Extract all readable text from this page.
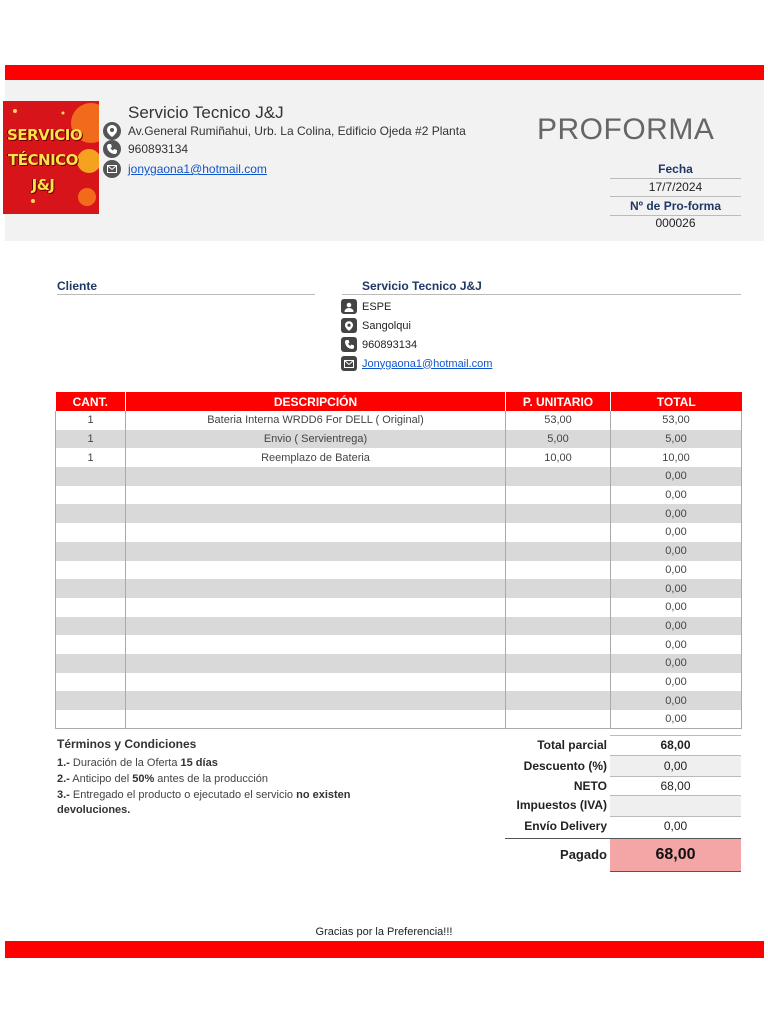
SERVICIO
TÉCNICO
J&J
Servicio Tecnico J&J
Av.General Rumiñahui, Urb. La Colina, Edificio Ojeda #2 Planta
960893134
jonygaona1@hotmail.com
PROFORMA
Fecha
17/7/2024
Nº de Pro-forma
000026
Cliente	Servicio Tecnico J&J
ESPE
Sangolqui
960893134
Jonygaona1@hotmail.com
CANT.	DESCRIPCIÓN	P. UNITARIO	TOTAL
1	Bateria Interna WRDD6 For DELL ( Original)	53,00	53,00
1	Envio ( Servientrega)	5,00	5,00
1	Reemplazo de Bateria	10,00	10,00
			0,00
			0,00
			0,00
			0,00
			0,00
			0,00
			0,00
			0,00
			0,00
			0,00
			0,00
			0,00
			0,00
			0,00
Términos y Condiciones
1.- Duración de la Oferta 15 días
2.- Anticipo del 50% antes de la producción
3.- Entregado el producto o ejecutado el servicio no existen devoluciones.
Total parcial	68,00
Descuento (%)	0,00
NETO	68,00
Impuestos (IVA)
Envío Delivery	0,00
Pagado	68,00
Gracias por la Preferencia!!!
